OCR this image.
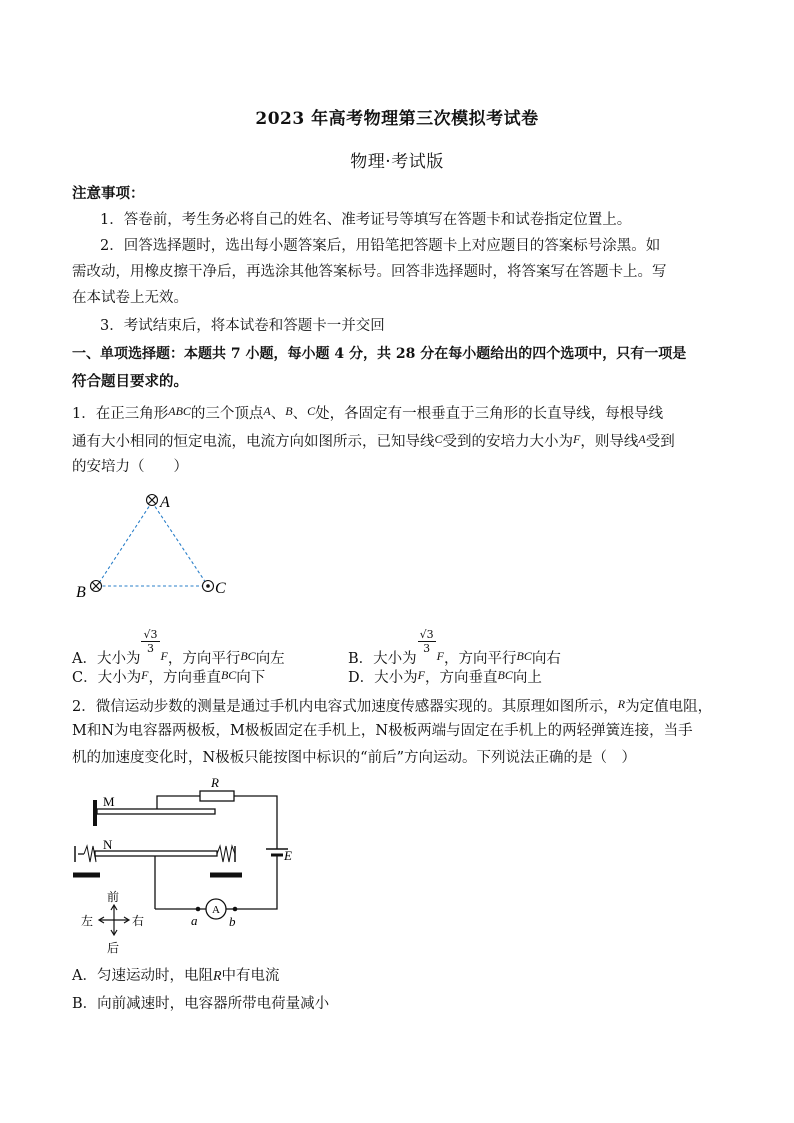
2023 年高考物理第三次模拟考试卷
物理·考试版
注意事项：
1．答卷前，考生务必将自己的姓名、准考证号等填写在答题卡和试卷指定位置上。
2．回答选择题时，选出每小题答案后，用铅笔把答题卡上对应题目的答案标号涂黑。如
需改动，用橡皮擦干净后，再选涂其他答案标号。回答非选择题时，将答案写在答题卡上。写
在本试卷上无效。
3．考试结束后，将本试卷和答题卡一并交回
一、单项选择题：本题共 7 小题，每小题 4 分，共 28 分在每小题给出的四个选项中，只有一项是
符合题目要求的。
1．在正三角形$^{ABC}$的三个顶点$^A$、$^B$、$^C$处，各固定有一根垂直于三角形的长直导线，每根导线
通有大小相同的恒定电流，电流方向如图所示，已知导线$^C$受到的安培力大小为$^F$，则导线$^A$受到
的安培力（　　）
A
B	C
A．大小为
$\frac{√3}{3}$
$^F$，方向平行$^{BC}$向左	B．大小为
$\frac{√3}{3}$
$^F$，方向平行$^{BC}$向右
C．大小为$^F$，方向垂直$^{BC}$向下	D．大小为$^F$，方向垂直$^{BC}$向上
2．微信运动步数的测量是通过手机内电容式加速度传感器实现的。其原理如图所示，$^R$为定值电阻，
M和N为电容器两极板，M极板固定在手机上，N极板两端与固定在手机上的两轻弹簧连接，当手
机的加速度变化时，N极板只能按图中标识的“前后”方向运动。下列说法正确的是（　）
R
M
N
E
A
a b
前
后
左	右
A．匀速运动时，电阻R中有电流
B．向前减速时，电容器所带电荷量减小
